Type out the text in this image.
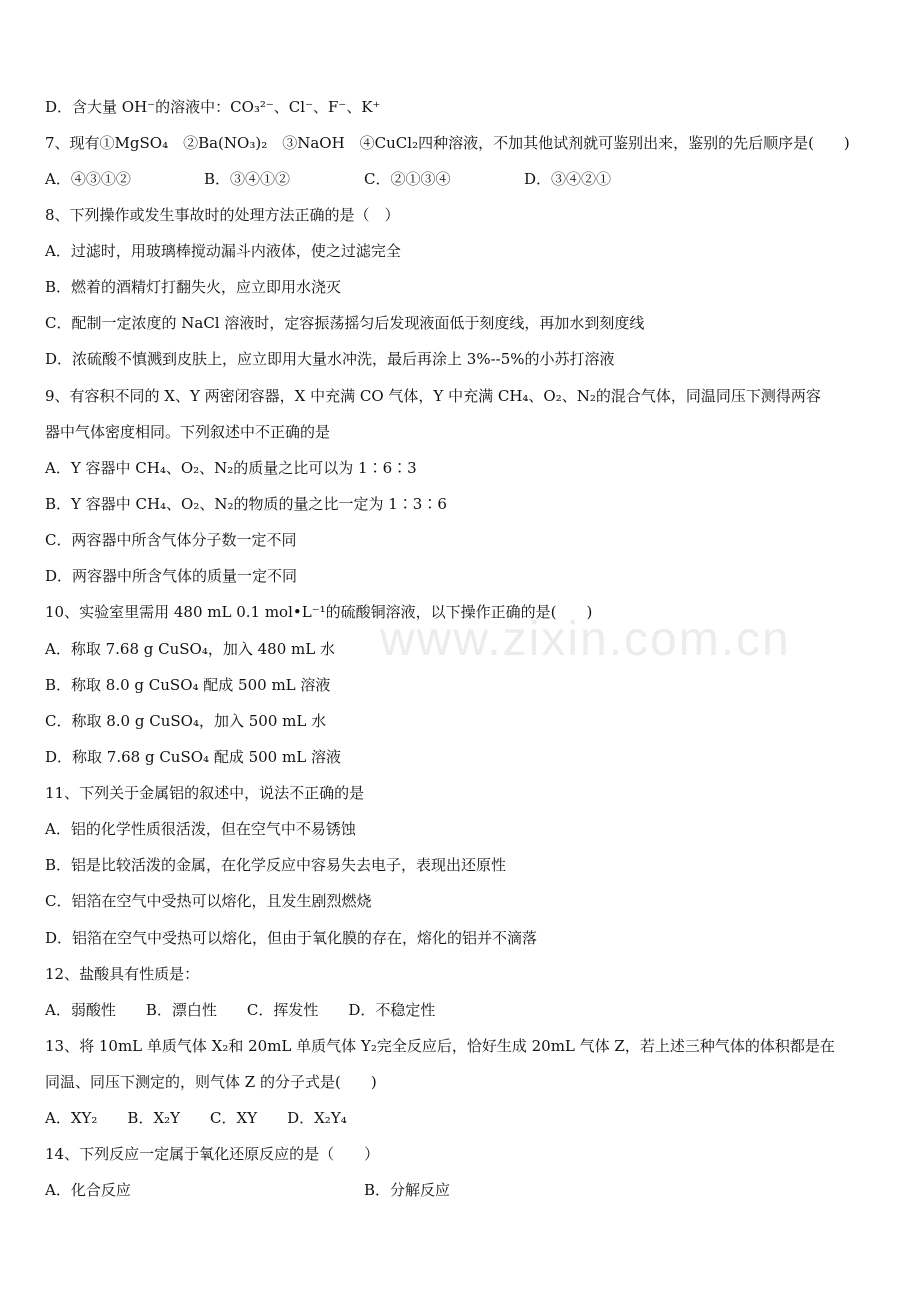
D．含大量 OH⁻的溶液中：CO₃²⁻、Cl⁻、F⁻、K⁺
7、现有①MgSO₄　②Ba(NO₃)₂　③NaOH　④CuCl₂四种溶液，不加其他试剂就可鉴别出来，鉴别的先后顺序是(　　)
A．④③①②	B．③④①②	C．②①③④	D．③④②①
8、下列操作或发生事故时的处理方法正确的是（　）
A．过滤时，用玻璃棒搅动漏斗内液体，使之过滤完全
B．燃着的酒精灯打翻失火，应立即用水浇灭
C．配制一定浓度的 NaCl 溶液时，定容振荡摇匀后发现液面低于刻度线，再加水到刻度线
D．浓硫酸不慎溅到皮肤上，应立即用大量水冲洗，最后再涂上 3%--5%的小苏打溶液
9、有容积不同的 X、Y 两密闭容器，X 中充满 CO 气体，Y 中充满 CH₄、O₂、N₂的混合气体，同温同压下测得两容
器中气体密度相同。下列叙述中不正确的是
A．Y 容器中 CH₄、O₂、N₂的质量之比可以为 1∶6∶3
B．Y 容器中 CH₄、O₂、N₂的物质的量之比一定为 1∶3∶6
C．两容器中所含气体分子数一定不同
D．两容器中所含气体的质量一定不同
10、实验室里需用 480 mL 0.1 mol•L⁻¹的硫酸铜溶液，以下操作正确的是(　　)
A．称取 7.68 g CuSO₄，加入 480 mL 水
B．称取 8.0 g CuSO₄ 配成 500 mL 溶液
C．称取 8.0 g CuSO₄，加入 500 mL 水
D．称取 7.68 g CuSO₄ 配成 500 mL 溶液
11、下列关于金属铝的叙述中，说法不正确的是
A．铝的化学性质很活泼，但在空气中不易锈蚀
B．铝是比较活泼的金属，在化学反应中容易失去电子，表现出还原性
C．铝箔在空气中受热可以熔化，且发生剧烈燃烧
D．铝箔在空气中受热可以熔化，但由于氧化膜的存在，熔化的铝并不滴落
12、盐酸具有性质是：
A．弱酸性　　B．漂白性　　C．挥发性　　D．不稳定性
13、将 10mL 单质气体 X₂和 20mL 单质气体 Y₂完全反应后，恰好生成 20mL 气体 Z，若上述三种气体的体积都是在
同温、同压下测定的，则气体 Z 的分子式是(　　)
A．XY₂　　B．X₂Y　　C．XY　　D．X₂Y₄
14、下列反应一定属于氧化还原反应的是（　　）
A．化合反应	B．分解反应
www.zixin.com.cn
